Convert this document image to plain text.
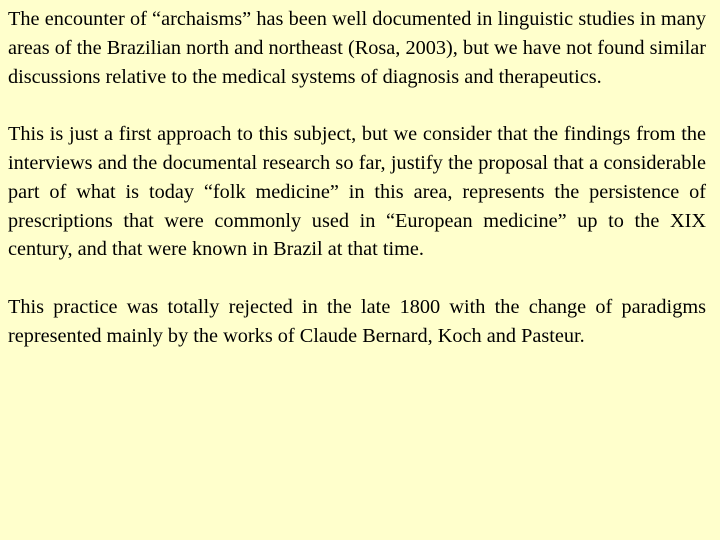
The encounter of “archaisms” has been well documented in linguistic studies in many areas of the Brazilian north and northeast (Rosa, 2003), but we have not found similar discussions relative to the medical systems of diagnosis and therapeutics.

This is just a first approach to this subject, but we consider that the findings from the interviews and the documental research so far, justify the proposal that a considerable part of what is today “folk medicine” in this area, represents the persistence of prescriptions that were commonly used in “European medicine” up to the XIX century, and that were known in Brazil at that time.

This practice was totally rejected in the late 1800 with the change of paradigms represented mainly by the works of Claude Bernard, Koch and Pasteur.
